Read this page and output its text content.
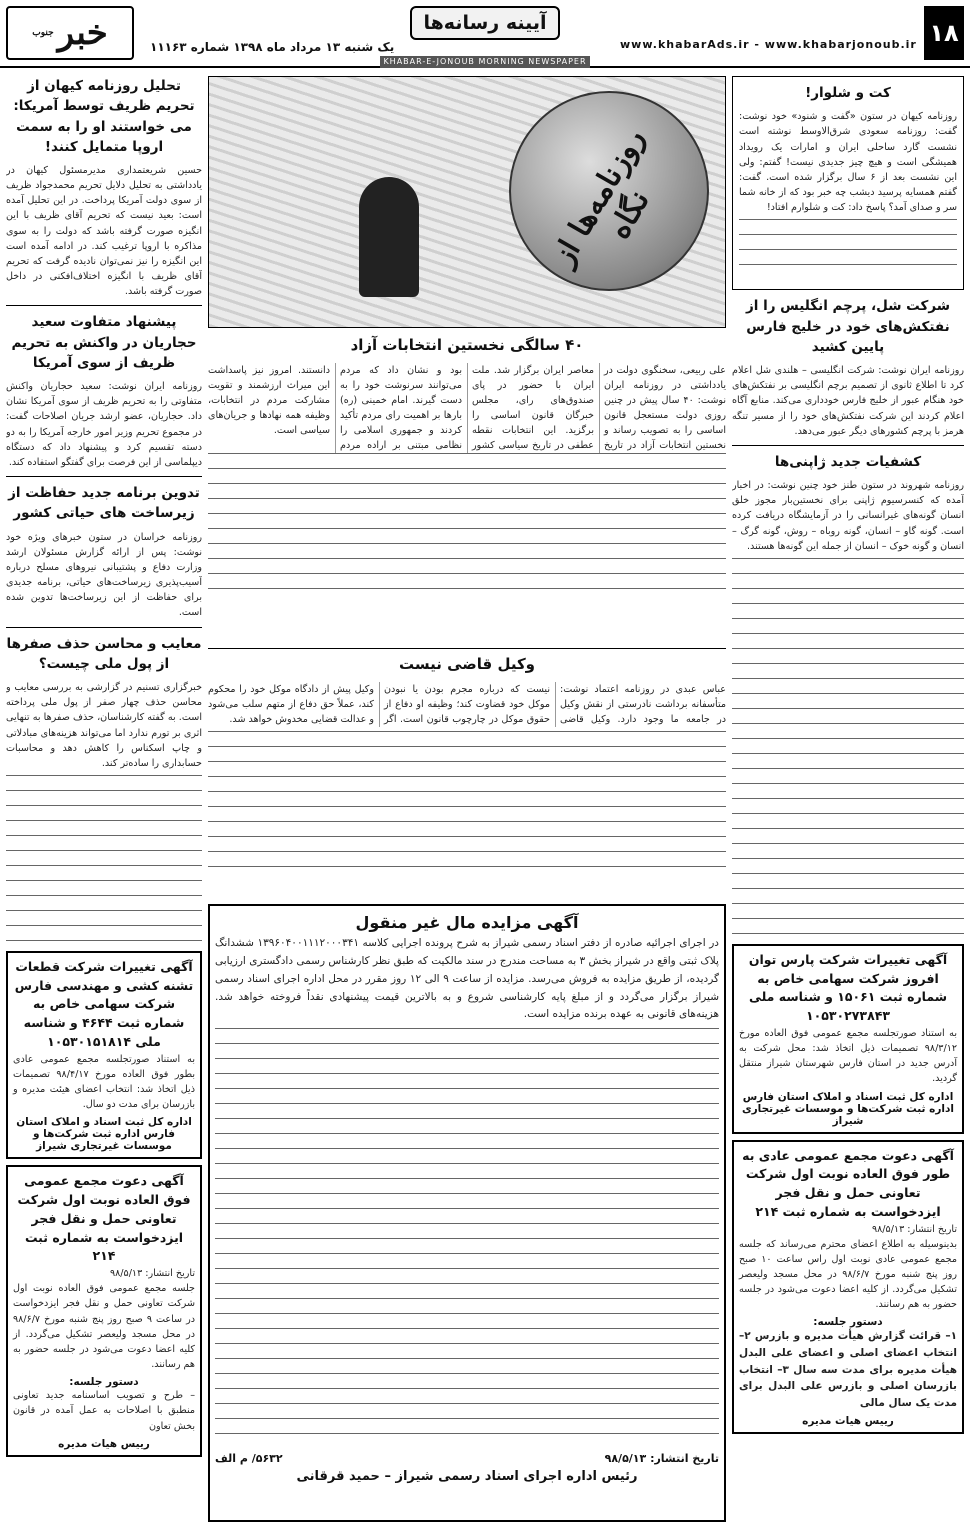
جنوب خبر	یک شنبه ۱۳ مرداد ماه ۱۳۹۸ شماره ۱۱۱۶۳
آیینه رسانه‌ها
www.khabarAds.ir - www.khabarjonoub.ir ۱۸
KHABAR-E-JONOUB MORNING NEWSPAPER
تحلیل روزنامه کیهان از تحریم ظریف توسط آمریکا: می خواستند او را به سمت اروپا متمایل کنند!
حسین شریعتمداری مدیرمسئول کیهان در یادداشتی به تحلیل دلایل تحریم محمدجواد ظریف از سوی دولت آمریکا پرداخت. در این تحلیل آمده است: بعید نیست که تحریم آقای ظریف با این انگیزه صورت گرفته باشد که دولت را به سوی مذاکره با اروپا ترغیب کند. در ادامه آمده است این انگیزه را نیز نمی‌توان نادیده گرفت که تحریم آقای ظریف با انگیزه اختلاف‌افکنی در داخل صورت گرفته باشد.
پیشنهاد متفاوت سعید حجاریان در واکنش به تحریم ظریف از سوی آمریکا
روزنامه ایران نوشت: سعید حجاریان واکنش متفاوتی را به تحریم ظریف از سوی آمریکا نشان داد. حجاریان، عضو ارشد جریان اصلاحات گفت: در مجموع تحریم وزیر امور خارجه آمریکا را به دو دسته تقسیم کرد و پیشنهاد داد که دستگاه دیپلماسی از این فرصت برای گفتگو استفاده کند.
تدوین برنامه جدید حفاظت از زیرساخت های حیاتی کشور
روزنامه خراسان در ستون خبرهای ویژه خود نوشت: پس از ارائه گزارش مسئولان ارشد وزارت دفاع و پشتیبانی نیروهای مسلح درباره آسیب‌پذیری زیرساخت‌های حیاتی، برنامه جدیدی برای حفاظت از این زیرساخت‌ها تدوین شده است.
معایب و محاسن حذف صفرها از پول ملی چیست؟
خبرگزاری تسنیم در گزارشی به بررسی معایب و محاسن حذف چهار صفر از پول ملی پرداخته است. به گفته کارشناسان، حذف صفرها به تنهایی اثری بر تورم ندارد اما می‌تواند هزینه‌های مبادلاتی و چاپ اسکناس را کاهش دهد و محاسبات حسابداری را ساده‌تر کند.
آگهی تغییرات شرکت قطعات تشنه کشی و مهندسی فارس شرکت سهامی خاص به شماره ثبت ۴۶۴۴ و شناسه ملی ۱۰۵۳۰۱۵۱۸۱۴
به استناد صورتجلسه مجمع عمومی عادی بطور فوق العاده مورخ ۹۸/۴/۱۷ تصمیمات ذیل اتخاذ شد: انتخاب اعضای هیئت مدیره و بازرسان برای مدت دو سال.
اداره کل ثبت اسناد و املاک استان فارس اداره ثبت شرکت‌ها و موسسات غیرتجاری شیراز
آگهی دعوت مجمع عمومی فوق العاده نوبت اول شرکت تعاونی حمل و نقل فجر ایزدخواست به شماره ثبت ۲۱۴
تاریخ انتشار: ۹۸/۵/۱۳
جلسه مجمع عمومی فوق العاده نوبت اول شرکت تعاونی حمل و نقل فجر ایزدخواست در ساعت ۹ صبح روز پنج شنبه مورخ ۹۸/۶/۷ در محل مسجد ولیعصر تشکیل می‌گردد. از کلیه اعضا دعوت می‌شود در جلسه حضور به هم رسانند.
دستور جلسه:
– طرح و تصویب اساسنامه جدید تعاونی منطبق با اصلاحات به عمل آمده در قانون بخش تعاون
رییس هیات مدیره
روزنامه‌ها از نگاه
۴۰ سالگی نخستین انتخابات آزاد
علی ربیعی، سخنگوی دولت در یادداشتی در روزنامه ایران نوشت: ۴۰ سال پیش در چنین روزی دولت مستعجل قانون اساسی را به تصویب رساند و نخستین انتخابات آزاد در تاریخ معاصر ایران برگزار شد. ملت ایران با حضور در پای صندوق‌های رای، مجلس خبرگان قانون اساسی را برگزید. این انتخابات نقطه عطفی در تاریخ سیاسی کشور بود و نشان داد که مردم می‌توانند سرنوشت خود را به دست گیرند. امام خمینی (ره) بارها بر اهمیت رای مردم تأکید کردند و جمهوری اسلامی را نظامی مبتنی بر اراده مردم دانستند. امروز نیز پاسداشت این میراث ارزشمند و تقویت مشارکت مردم در انتخابات، وظیفه همه نهادها و جریان‌های سیاسی است.
وکیل قاضی نیست
عباس عبدی در روزنامه اعتماد نوشت: متأسفانه برداشت نادرستی از نقش وکیل در جامعه ما وجود دارد. وکیل قاضی نیست که درباره مجرم بودن یا نبودن موکل خود قضاوت کند؛ وظیفه او دفاع از حقوق موکل در چارچوب قانون است. اگر وکیل پیش از دادگاه موکل خود را محکوم کند، عملاً حق دفاع از متهم سلب می‌شود و عدالت قضایی مخدوش خواهد شد.
آگهی مزایده مال غیر منقول
در اجرای اجرائیه صادره از دفتر اسناد رسمی شیراز به شرح پرونده اجرایی کلاسه ۱۳۹۶۰۴۰۰۱۱۱۲۰۰۰۳۴۱ ششدانگ پلاک ثبتی واقع در شیراز بخش ۳ به مساحت مندرج در سند مالکیت که طبق نظر کارشناس رسمی دادگستری ارزیابی گردیده، از طریق مزایده به فروش می‌رسد. مزایده از ساعت ۹ الی ۱۲ روز مقرر در محل اداره اجرای اسناد رسمی شیراز برگزار می‌گردد و از مبلغ پایه کارشناسی شروع و به بالاترین قیمت پیشنهادی نقداً فروخته خواهد شد. هزینه‌های قانونی به عهده برنده مزایده است.
تاریخ انتشار: ۹۸/۵/۱۳
۵۶۳۲/ م الف
رئیس اداره اجرای اسناد رسمی شیراز – حمید قرقانی
کت و شلوار!
روزنامه کیهان در ستون «گفت و شنود» خود نوشت: گفت: روزنامه سعودی شرق‌الاوسط نوشته است نشست گارد ساحلی ایران و امارات یک رویداد همیشگی است و هیچ چیز جدیدی نیست! گفتم: ولی این نشست بعد از ۶ سال برگزار شده است. گفت: گفتم همسایه پرسید دیشب چه خبر بود که از خانه شما سر و صدای آمد؟ پاسخ داد: کت و شلوارم افتاد!
شرکت شل، پرچم انگلیس را از نفتکش‌های خود در خلیج فارس پایین کشید
روزنامه ایران نوشت: شرکت انگلیسی – هلندی شل اعلام کرد تا اطلاع ثانوی از تصمیم برچم انگلیسی بر نفتکش‌های خود هنگام عبور از خلیج فارس خودداری می‌کند. منابع آگاه اعلام کردند این شرکت نفتکش‌های خود را از مسیر تنگه هرمز با پرچم کشورهای دیگر عبور می‌دهد.
کشفیات جدید ژاپنی‌ها
روزنامه شهروند در ستون طنز خود چنین نوشت: در اخبار آمده که کنسرسیوم ژاپنی برای نخستین‌بار مجوز خلق انسان گونه‌های غیرانسانی را در آزمایشگاه دریافت کرده است. گونه گاو – انسان، گونه روباه – روش، گونه گرگ – انسان و گونه خوک – انسان از جمله این گونه‌ها هستند.
آگهی تغییرات شرکت پارس توان افروز شرکت سهامی خاص به شماره ثبت ۱۵۰۶۱ و شناسه ملی ۱۰۵۳۰۲۷۳۸۴۳
به استناد صورتجلسه مجمع عمومی فوق العاده مورخ ۹۸/۳/۱۲ تصمیمات ذیل اتخاذ شد: محل شرکت به آدرس جدید در استان فارس شهرستان شیراز منتقل گردید.
اداره کل ثبت اسناد و املاک استان فارس اداره ثبت شرکت‌ها و موسسات غیرتجاری شیراز
آگهی دعوت مجمع عمومی عادی به طور فوق العاده نوبت اول شرکت تعاونی حمل و نقل فجر ایزدخواست به شماره ثبت ۲۱۴
تاریخ انتشار: ۹۸/۵/۱۳
بدینوسیله به اطلاع اعضای محترم می‌رساند که جلسه مجمع عمومی عادی نوبت اول راس ساعت ۱۰ صبح روز پنج شنبه مورخ ۹۸/۶/۷ در محل مسجد ولیعصر تشکیل می‌گردد. از کلیه اعضا دعوت می‌شود در جلسه حضور به هم رسانند.
دستور جلسه:
۱– قرائت گزارش هیأت مدیره و بازرس ۲– انتخاب اعضای اصلی و اعضای علی البدل هیأت مدیره برای مدت سه سال ۳– انتخاب بازرسان اصلی و بازرس علی البدل برای مدت یک سال مالی
رییس هیات مدیره
